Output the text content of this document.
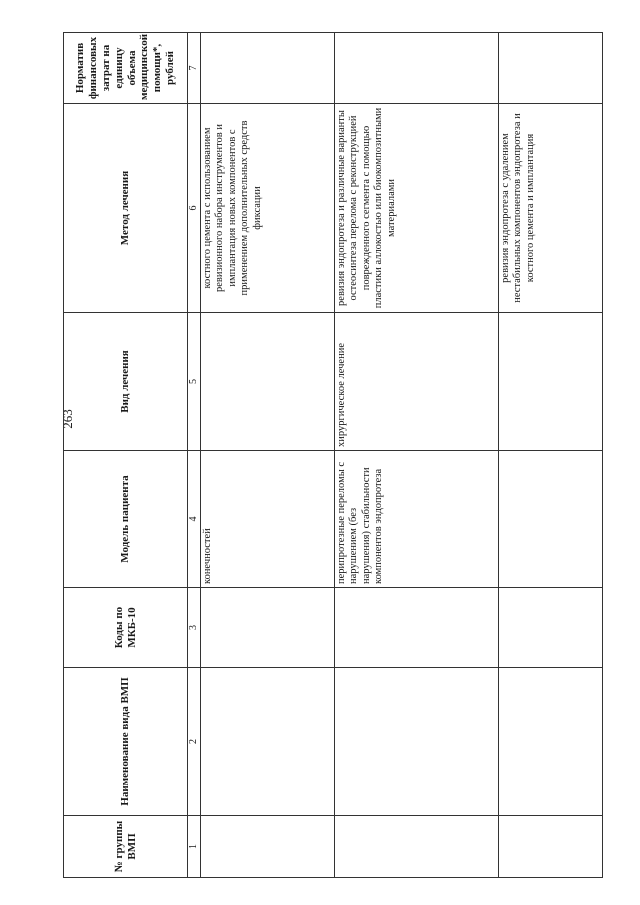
263
№ группы ВМП	Наименование вида ВМП	Коды по МКБ-10	Модель пациента	Вид лечения	Метод лечения	Норматив финансовых затрат на единицу объема медицинской помощи*, рублей
1	2	3	4	5	6	7
			конечностей		костного цемента с использованием ревизионного набора инструментов и имплантация новых компонентов с применением дополнительных средств фиксации	
			перипротезные переломы с нарушением (без нарушения) стабильности компонентов эндопротеза	хирургическое лечение	ревизия эндопротеза и различные варианты остеосинтеза перелома с реконструкцией поврежденного сегмента с помощью пластики аллокостью или биокомпозитными материалами	
					ревизия эндопротеза с удалением нестабильных компонентов эндопротеза и костного цемента и имплантация	
